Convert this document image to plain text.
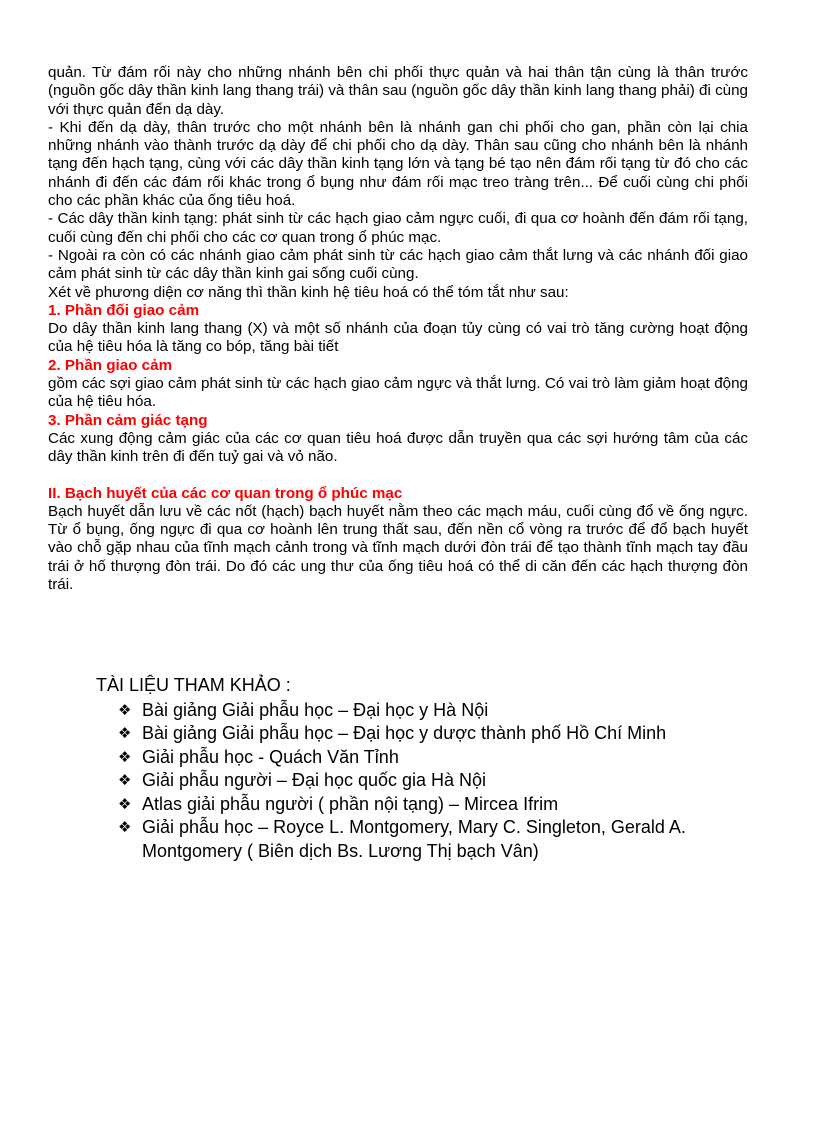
quản. Từ đám rối này cho những nhánh bên chi phối thực quản và hai thân tận cùng là thân trước (nguồn gốc dây thần kinh lang thang trái) và thân sau (nguồn gốc dây thần kinh lang thang phải) đi cùng với thực quản đến dạ dày.

- Khi đến dạ dày, thân trước cho một nhánh bên là nhánh gan chi phối cho gan, phần còn lại chia những nhánh vào thành trước dạ dày để chi phối cho dạ dày. Thân sau cũng cho nhánh bên là nhánh tạng đến hạch tạng, cùng với các dây thần kinh tạng lớn và tạng bé tạo nên đám rối tạng từ đó cho các nhánh đi đến các đám rối khác trong ổ bụng như đám rối mạc treo tràng trên... Để cuối cùng chi phối cho các phần khác của ống tiêu hoá.

- Các dây thần kinh tạng: phát sinh từ các hạch giao cảm ngực cuối, đi qua cơ hoành đến đám rối tạng, cuối cùng đến chi phối cho các cơ quan trong ổ phúc mạc.

- Ngoài ra còn có các nhánh giao cảm phát sinh từ các hạch giao cảm thắt lưng và các nhánh đối giao cảm phát sinh từ các dây thần kinh gai sống cuối cùng.

Xét về phương diện cơ năng thì thần kinh hệ tiêu hoá có thể tóm tắt như sau:

1. Phần đối giao cảm

Do dây thần kinh lang thang (X) và một số nhánh của đoạn tủy cùng có vai trò tăng cường hoạt động của hệ tiêu hóa là tăng co bóp, tăng bài tiết

2. Phần giao cảm

gồm các sợi giao cảm phát sinh từ các hạch giao cảm ngực và thắt lưng. Có vai trò làm giảm hoạt động của hệ tiêu hóa.

3. Phần cảm giác tạng

Các xung động cảm giác của các cơ quan tiêu hoá được dẫn truyền qua các sợi hướng tâm của các dây thần kinh trên đi đến tuỷ gai và vỏ não.

II. Bạch huyết của các cơ quan trong ổ phúc mạc

Bạch huyết dẫn lưu về các nốt (hạch) bạch huyết nằm theo các mạch máu, cuối cùng đổ về ống ngực. Từ ổ bụng, ống ngực đi qua cơ hoành lên trung thất sau, đến nền cổ vòng ra trước để đổ bạch huyết vào chỗ gặp nhau của tĩnh mạch cảnh trong và tĩnh mạch dưới đòn trái để tạo thành tĩnh mạch tay đầu trái ở hố thượng đòn trái. Do đó các ung thư của ống tiêu hoá có thể di căn đến các hạch thượng đòn trái.

TÀI LIỆU THAM KHẢO :

❖ Bài giảng Giải phẫu học – Đại học y Hà Nội
❖ Bài giảng Giải phẫu học – Đại học y dược thành phố Hồ Chí Minh
❖ Giải phẫu học - Quách Văn Tỉnh
❖ Giải phẫu người – Đại học quốc gia Hà Nội
❖ Atlas giải phẫu người ( phần nội tạng) – Mircea Ifrim
❖ Giải phẫu học – Royce L. Montgomery, Mary C. Singleton, Gerald A. Montgomery ( Biên dịch Bs. Lương Thị bạch Vân)
